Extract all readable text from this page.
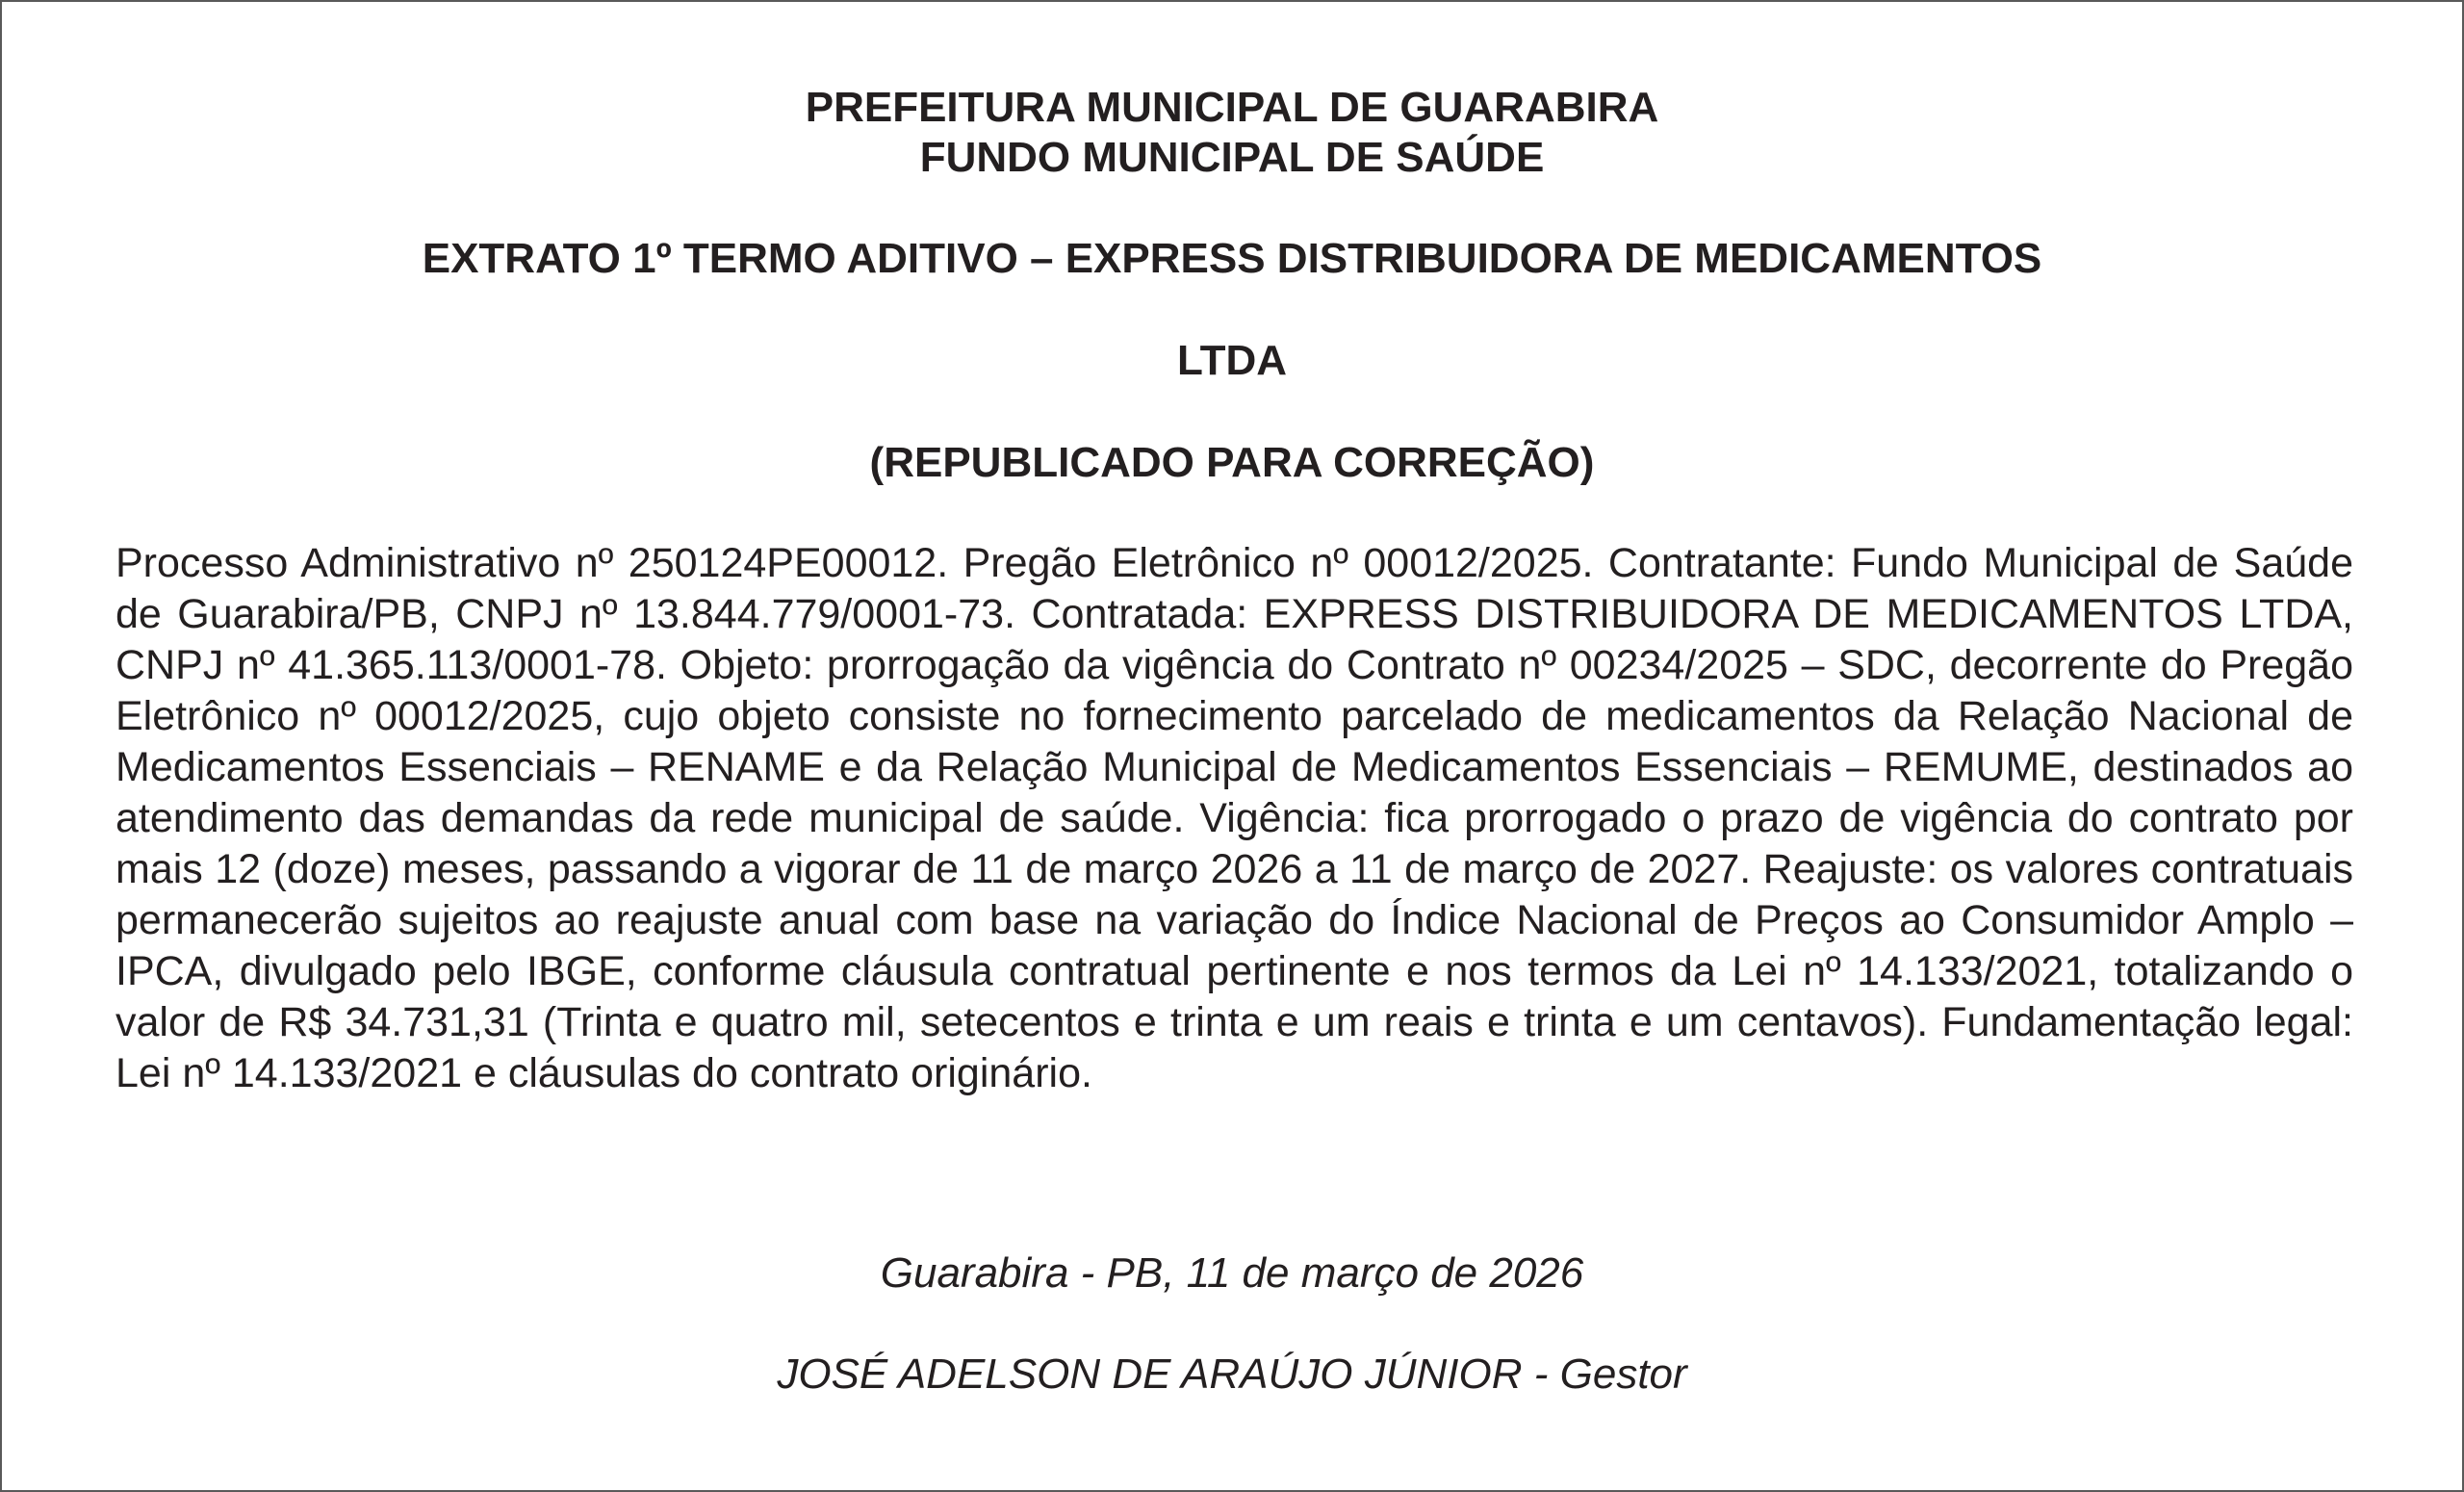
PREFEITURA MUNICIPAL DE GUARABIRA
FUNDO MUNICIPAL DE SAÚDE
EXTRATO 1º TERMO ADITIVO – EXPRESS DISTRIBUIDORA DE MEDICAMENTOS
LTDA
(REPUBLICADO PARA CORREÇÃO)
Processo Administrativo nº 250124PE00012. Pregão Eletrônico nº 00012/2025. Contratante: Fundo Municipal de Saúde de Guarabira/PB, CNPJ nº 13.844.779/0001-73. Contratada: EXPRESS DISTRIBUIDORA DE MEDICAMENTOS LTDA, CNPJ nº 41.365.113/0001-78. Objeto: prorrogação da vigência do Contrato nº 00234/2025 – SDC, decorrente do Pregão Eletrônico nº 00012/2025, cujo objeto consiste no fornecimento parcelado de medicamentos da Relação Nacional de Medicamentos Essenciais – RENAME e da Relação Municipal de Medicamentos Essenciais – REMUME, destinados ao atendimento das demandas da rede municipal de saúde. Vigência: fica prorrogado o prazo de vigência do contrato por mais 12 (doze) meses, passando a vigorar de 11 de março 2026 a 11 de março de 2027. Reajuste: os valores contratuais permanecerão sujeitos ao reajuste anual com base na variação do Índice Nacional de Preços ao Consumidor Amplo – IPCA, divulgado pelo IBGE, conforme cláusula contratual pertinente e nos termos da Lei nº 14.133/2021, totalizando o valor de R$ 34.731,31 (Trinta e quatro mil, setecentos e trinta e um reais e trinta e um centavos). Fundamentação legal: Lei nº 14.133/2021 e cláusulas do contrato originário.
Guarabira - PB, 11 de março de 2026
JOSÉ ADELSON DE ARAÚJO JÚNIOR - Gestor
